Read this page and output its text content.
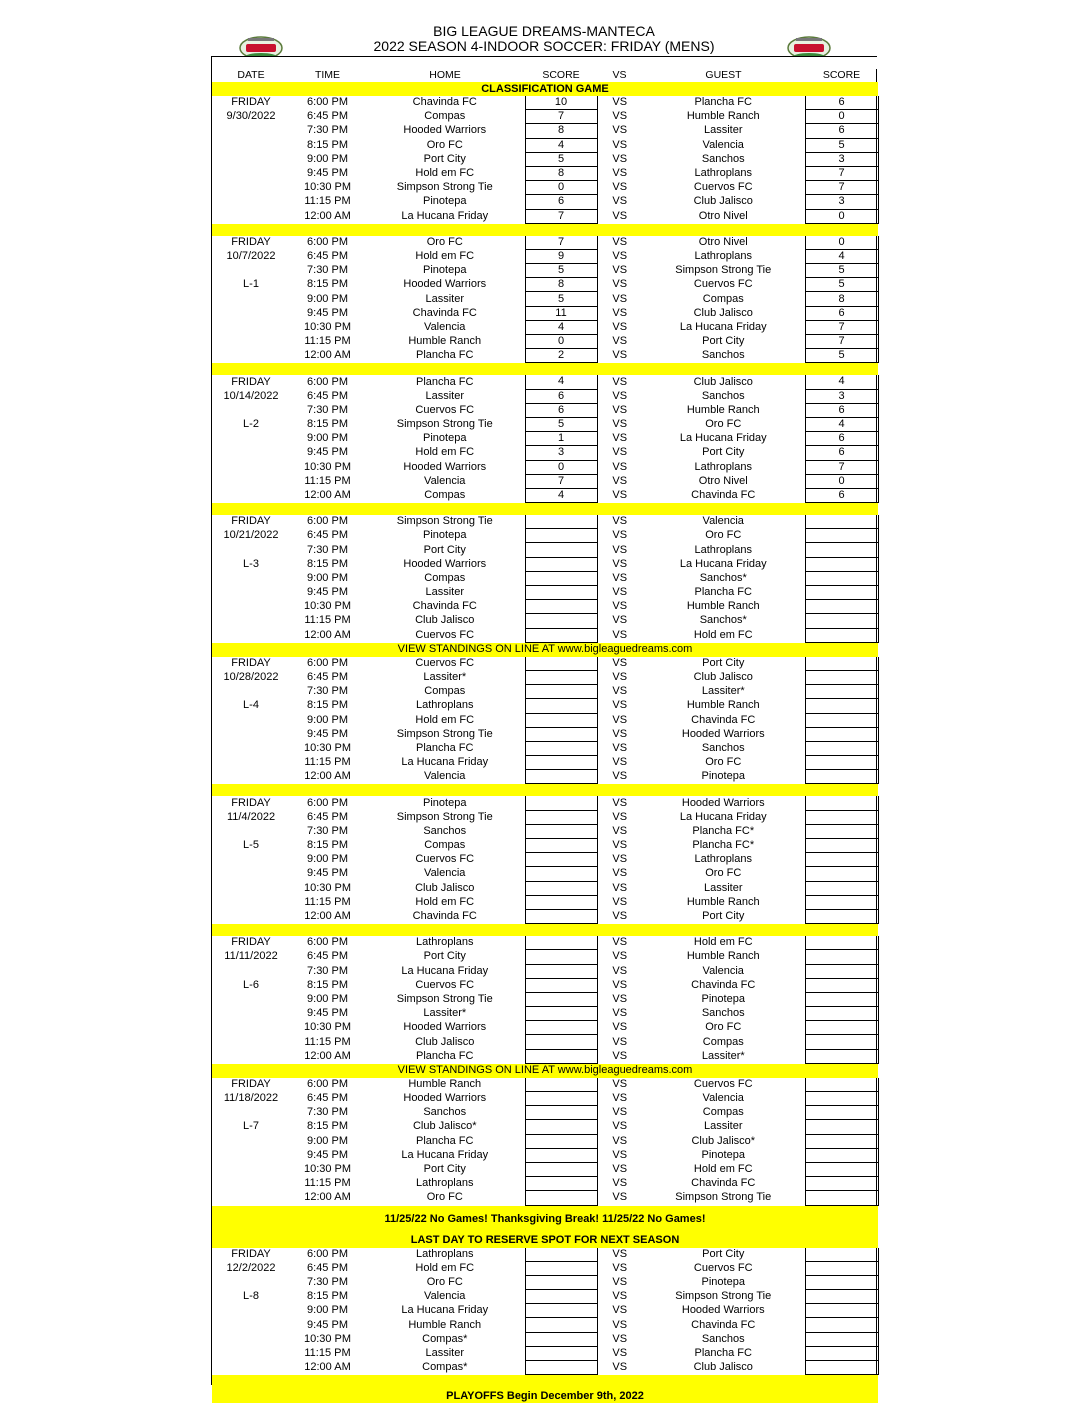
BIG LEAGUE DREAMS-MANTECA
2022 SEASON 4-INDOOR SOCCER: FRIDAY (MENS)

DATE	TIME	HOME	SCORE	VS	GUEST	SCORE
CLASSIFICATION GAME						
FRIDAY	6:00 PM	Chavinda FC	10	VS	Plancha FC	6
9/30/2022	6:45 PM	Compas	7	VS	Humble Ranch	0
	7:30 PM	Hooded Warriors	8	VS	Lassiter	6
	8:15 PM	Oro FC	4	VS	Valencia	5
	9:00 PM	Port City	5	VS	Sanchos	3
	9:45 PM	Hold em FC	8	VS	Lathroplans	7
	10:30 PM	Simpson Strong Tie	0	VS	Cuervos FC	7
	11:15 PM	Pinotepa	6	VS	Club Jalisco	3
	12:00 AM	La Hucana Friday	7	VS	Otro Nivel	0

FRIDAY	6:00 PM	Oro FC	7	VS	Otro Nivel	0
10/7/2022	6:45 PM	Hold em FC	9	VS	Lathroplans	4
	7:30 PM	Pinotepa	5	VS	Simpson Strong Tie	5
L-1	8:15 PM	Hooded Warriors	8	VS	Cuervos FC	5
	9:00 PM	Lassiter	5	VS	Compas	8
	9:45 PM	Chavinda FC	11	VS	Club Jalisco	6
	10:30 PM	Valencia	4	VS	La Hucana Friday	7
	11:15 PM	Humble Ranch	0	VS	Port City	7
	12:00 AM	Plancha FC	2	VS	Sanchos	5

FRIDAY	6:00 PM	Plancha FC	4	VS	Club Jalisco	4
10/14/2022	6:45 PM	Lassiter	6	VS	Sanchos	3
	7:30 PM	Cuervos FC	6	VS	Humble Ranch	6
L-2	8:15 PM	Simpson Strong Tie	5	VS	Oro FC	4
	9:00 PM	Pinotepa	1	VS	La Hucana Friday	6
	9:45 PM	Hold em FC	3	VS	Port City	6
	10:30 PM	Hooded Warriors	0	VS	Lathroplans	7
	11:15 PM	Valencia	7	VS	Otro Nivel	0
	12:00 AM	Compas	4	VS	Chavinda FC	6

FRIDAY	6:00 PM	Simpson Strong Tie		VS	Valencia	
10/21/2022	6:45 PM	Pinotepa		VS	Oro FC	
	7:30 PM	Port City		VS	Lathroplans	
L-3	8:15 PM	Hooded Warriors		VS	La Hucana Friday	
	9:00 PM	Compas		VS	Sanchos*	
	9:45 PM	Lassiter		VS	Plancha FC	
	10:30 PM	Chavinda FC		VS	Humble Ranch	
	11:15 PM	Club Jalisco		VS	Sanchos*	
	12:00 AM	Cuervos FC		VS	Hold em FC	
VIEW STANDINGS ON LINE AT www.bigleaguedreams.com						
FRIDAY	6:00 PM	Cuervos FC		VS	Port City	
10/28/2022	6:45 PM	Lassiter*		VS	Club Jalisco	
	7:30 PM	Compas		VS	Lassiter*	
L-4	8:15 PM	Lathroplans		VS	Humble Ranch	
	9:00 PM	Hold em FC		VS	Chavinda FC	
	9:45 PM	Simpson Strong Tie		VS	Hooded Warriors	
	10:30 PM	Plancha FC		VS	Sanchos	
	11:15 PM	La Hucana Friday		VS	Oro FC	
	12:00 AM	Valencia		VS	Pinotepa	

FRIDAY	6:00 PM	Pinotepa		VS	Hooded Warriors	
11/4/2022	6:45 PM	Simpson Strong Tie		VS	La Hucana Friday	
	7:30 PM	Sanchos		VS	Plancha FC*	
L-5	8:15 PM	Compas		VS	Plancha FC*	
	9:00 PM	Cuervos FC		VS	Lathroplans	
	9:45 PM	Valencia		VS	Oro FC	
	10:30 PM	Club Jalisco		VS	Lassiter	
	11:15 PM	Hold em FC		VS	Humble Ranch	
	12:00 AM	Chavinda FC		VS	Port City	

FRIDAY	6:00 PM	Lathroplans		VS	Hold em FC	
11/11/2022	6:45 PM	Port City		VS	Humble Ranch	
	7:30 PM	La Hucana Friday		VS	Valencia	
L-6	8:15 PM	Cuervos FC		VS	Chavinda FC	
	9:00 PM	Simpson Strong Tie		VS	Pinotepa	
	9:45 PM	Lassiter*		VS	Sanchos	
	10:30 PM	Hooded Warriors		VS	Oro FC	
	11:15 PM	Club Jalisco		VS	Compas	
	12:00 AM	Plancha FC		VS	Lassiter*	
VIEW STANDINGS ON LINE AT www.bigleaguedreams.com						
FRIDAY	6:00 PM	Humble Ranch		VS	Cuervos FC	
11/18/2022	6:45 PM	Hooded Warriors		VS	Valencia	
	7:30 PM	Sanchos		VS	Compas	
L-7	8:15 PM	Club Jalisco*		VS	Lassiter	
	9:00 PM	Plancha FC		VS	Club Jalisco*	
	9:45 PM	La Hucana Friday		VS	Pinotepa	
	10:30 PM	Port City		VS	Hold em FC	
	11:15 PM	Lathroplans		VS	Chavinda FC	
	12:00 AM	Oro FC		VS	Simpson Strong Tie	
11/25/22 No Games! Thanksgiving Break! 11/25/22 No Games!						
LAST DAY TO RESERVE SPOT FOR NEXT SEASON						
FRIDAY	6:00 PM	Lathroplans		VS	Port City	
12/2/2022	6:45 PM	Hold em FC		VS	Cuervos FC	
	7:30 PM	Oro FC		VS	Pinotepa	
L-8	8:15 PM	Valencia		VS	Simpson Strong Tie	
	9:00 PM	La Hucana Friday		VS	Hooded Warriors	
	9:45 PM	Humble Ranch		VS	Chavinda FC	
	10:30 PM	Compas*		VS	Sanchos	
	11:15 PM	Lassiter		VS	Plancha FC	
	12:00 AM	Compas*		VS	Club Jalisco	

PLAYOFFS Begin December 9th, 2022						
